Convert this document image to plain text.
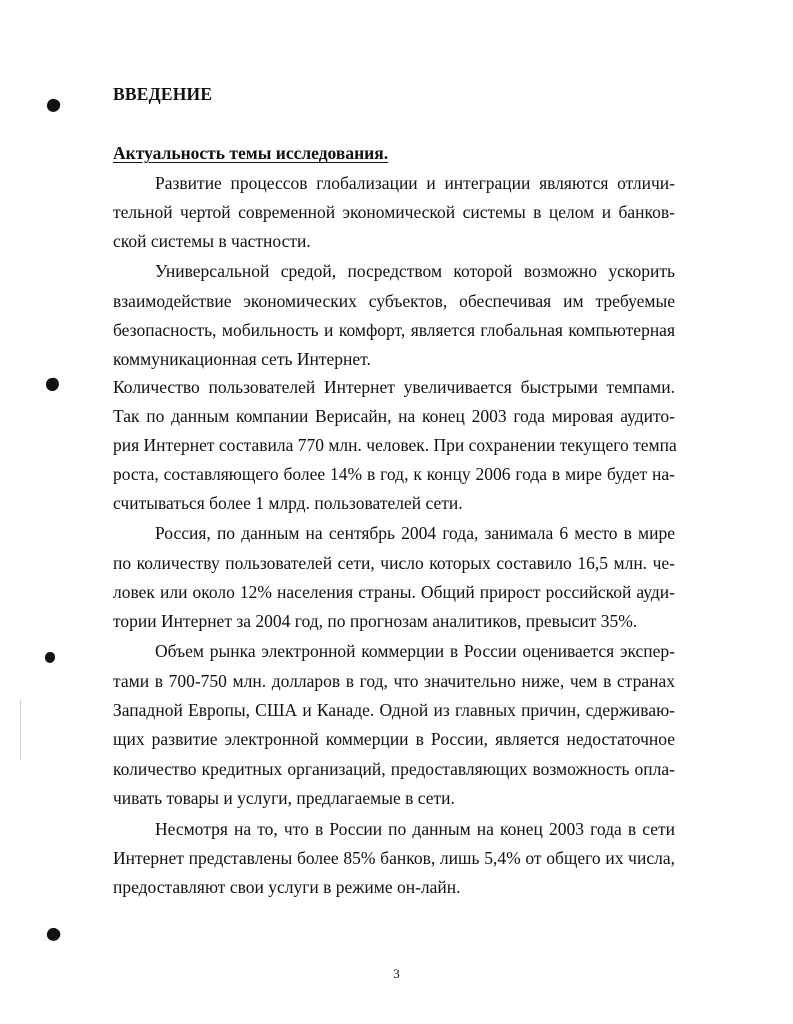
ВВЕДЕНИЕ
Актуальность темы исследования.
Развитие процессов глобализации и интеграции являются отличи-
тельной чертой современной экономической системы в целом и банков-
ской системы в частности.
Универсальной средой, посредством которой возможно ускорить
взаимодействие экономических субъектов, обеспечивая им требуемые
безопасность, мобильность и комфорт, является глобальная компьютерная
коммуникационная сеть Интернет.
Количество пользователей Интернет увеличивается быстрыми темпами.
Так по данным компании Верисайн, на конец 2003 года мировая аудито-
рия Интернет составила 770 млн. человек. При сохранении текущего темпа
роста, составляющего более 14% в год, к концу 2006 года в мире будет на-
считываться более 1 млрд. пользователей сети.
Россия, по данным на сентябрь 2004 года, занимала 6 место в мире
по количеству пользователей сети, число которых составило 16,5 млн. че-
ловек или около 12% населения страны. Общий прирост российской ауди-
тории Интернет за 2004 год, по прогнозам аналитиков, превысит 35%.
Объем рынка электронной коммерции в России оценивается экспер-
тами в 700-750 млн. долларов в год, что значительно ниже, чем в странах
Западной Европы, США и Канаде. Одной из главных причин, сдерживаю-
щих развитие электронной коммерции в России, является недостаточное
количество кредитных организаций, предоставляющих возможность опла-
чивать товары и услуги, предлагаемые в сети.
Несмотря на то, что в России по данным на конец 2003 года в сети
Интернет представлены более 85% банков, лишь 5,4% от общего их числа,
предоставляют свои услуги в режиме он-лайн.
3
